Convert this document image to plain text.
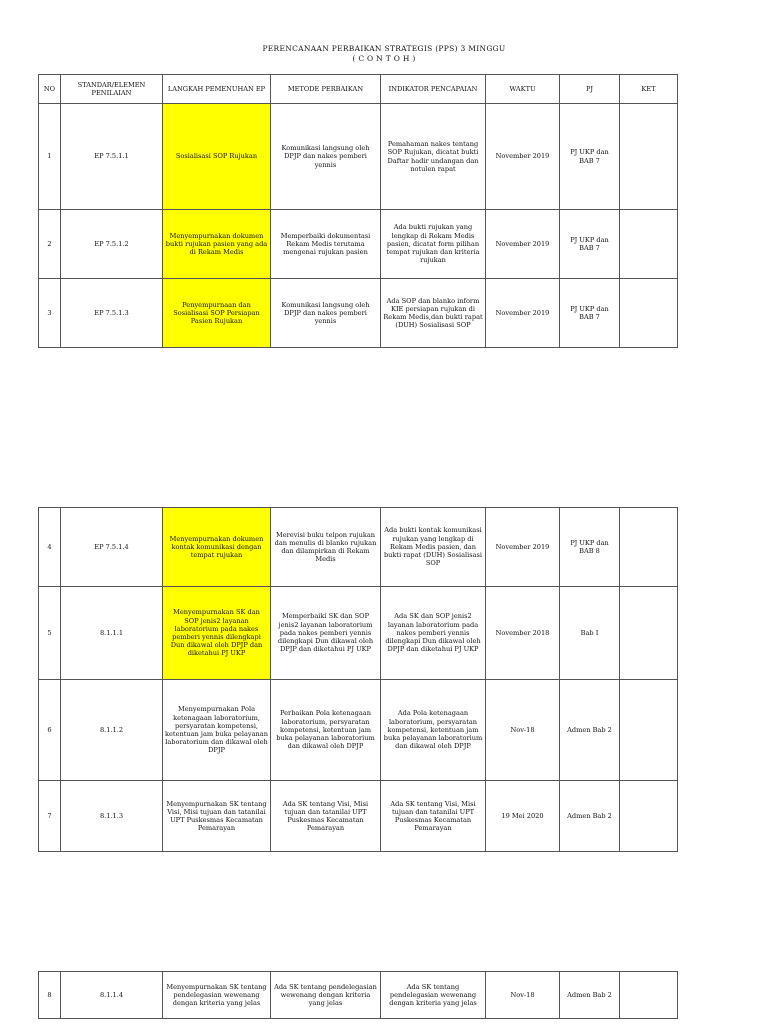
PERENCANAAN PERBAIKAN STRATEGIS (PPS) 3 MINGGU
( C O N T O H )
NO	STANDAR/ELEMEN PENILAIAN	LANGKAH PEMENUHAN EP	METODE PERBAIKAN	INDIKATOR PENCAPAIAN	WAKTU	PJ	KET
1	EP 7.5.1.1	Sosialisasi SOP Rujukan	Komunikasi langsung oleh DPJP dan nakes pemberi yennis	Pemahaman nakes tentang SOP Rujukan, dicatat bukti Daftar hadir undangan dan notulen rapat	November 2019	PJ UKP dan BAB 7	
2	EP 7.5.1.2	Menyempurnakan dokumen bukti rujukan pasien yang ada di Rekam Medis	Memperbaiki dokumentasi Rekam Medis terutama mengenai rujukan pasien	Ada bukti rujukan yang lengkap di Rekam Medis pasien, dicatat form pilihan tempat rujukan dan kriteria rujukan	November 2019	PJ UKP dan BAB 7	
3	EP 7.5.1.3	Penyempurnaan dan Sosialisasi SOP Persiapan Pasien Rujukan	Komunikasi langsung oleh DPJP dan nakes pemberi yennis	Ada SOP dan blanko inform KIE persiapan rujukan di Rekam Medis,dan bukti rapat (DUH) Sosialisasi SOP	November 2019	PJ UKP dan BAB 7	
4	EP 7.5.1.4	Menyempurnakan dokumen kontak komunikasi dengan tempat rujukan	Merevisi buku telpon rujukan dan menulis di blanko rujukan dan dilampirkan di Rekam Medis	Ada bukti kontak komunikasi rujukan yang lengkap di Rekam Medis pasien, dan bukti rapat (DUH) Sosialisasi SOP	November 2019	PJ UKP dan BAB 8	
5	8.1.1.1	Menyempurnakan SK dan SOP jenis2 layanan laboratorium pada nakes pemberi yennis dilengkapi Dun dikawal oleh DPJP dan diketahui PJ UKP	Memperbaiki SK dan SOP jenis2 layanan laboratorium pada nakes pemberi yennis dilengkapi Dun dikawal oleh DPJP dan diketahui PJ UKP	Ada SK dan SOP jenis2 layanan laboratorium pada nakes pemberi yennis dilengkapi Dun dikawal oleh DPJP dan diketahui PJ UKP	November 2018	Bab I	
6	8.1.1.2	Menyempurnakan Pola ketenagaan laboratorium, persyaratan kompetensi, ketentuan jam buka pelayanan laboratorium dan dikawal oleh DPJP	Perbaikan Pola ketenagaan laboratorium, persyaratan kompetensi, ketentuan jam buka pelayanan laboratorium dan dikawal oleh DPJP	Ada Pola ketenagaan laboratorium, persyaratan kompetensi, ketentuan jam buka pelayanan laboratorium dan dikawal oleh DPJP	Nov-18	Admen Bab 2	
7	8.1.1.3	Menyempurnakan SK tentang Visi, Misi tujuan dan tatanilai UPT Puskesmas Kecamatan Pemarayan	Ada SK tentang Visi, Misi tujuan dan tatanilai UPT Puskesmas Kecamatan Pemarayan	Ada SK tentang Visi, Misi tujuan dan tatanilai UPT Puskesmas Kecamatan Pemarayan	19 Mei 2020	Admen Bab 2	
8	8.1.1.4	Menyempurnakan SK tentang pendelegasian wewenang dengan kriteria yang jelas	Ada SK tentang pendelegasian wewenang dengan kriteria yang jelas	Ada SK tentang pendelegasian wewenang dengan kriteria yang jelas	Nov-18	Admen Bab 2	
